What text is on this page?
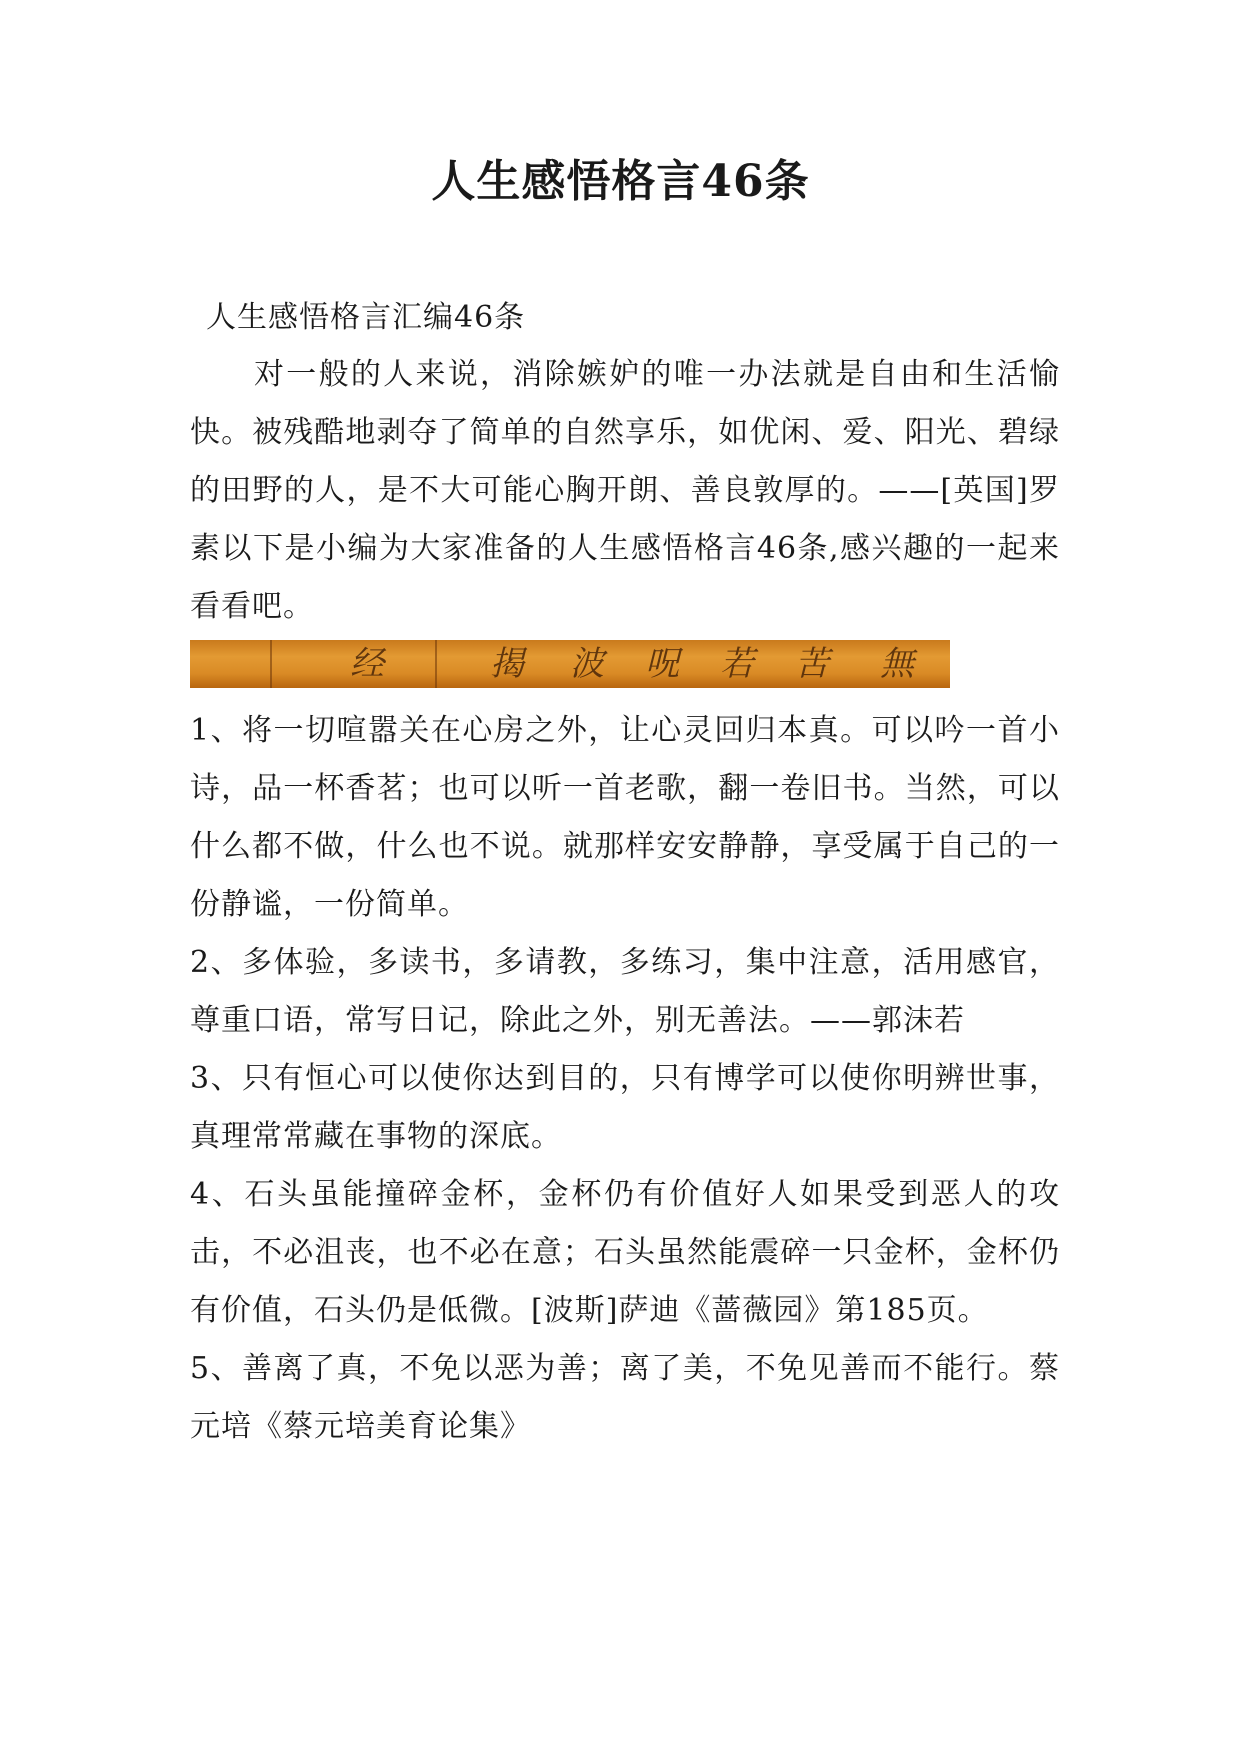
人生感悟格言46条
人生感悟格言汇编46条
对一般的人来说，消除嫉妒的唯一办法就是自由和生活愉快。被残酷地剥夺了简单的自然享乐，如优闲、爱、阳光、碧绿的田野的人，是不大可能心胸开朗、善良敦厚的。——[英国]罗素以下是小编为大家准备的人生感悟格言46条,感兴趣的一起来看看吧。
经	揭 波 呪 若 苦 無
1、将一切喧嚣关在心房之外，让心灵回归本真。可以吟一首小诗，品一杯香茗；也可以听一首老歌，翻一卷旧书。当然，可以什么都不做，什么也不说。就那样安安静静，享受属于自己的一份静谧，一份简单。
2、多体验，多读书，多请教，多练习，集中注意，活用感官，尊重口语，常写日记，除此之外，别无善法。——郭沫若
3、只有恒心可以使你达到目的，只有博学可以使你明辨世事，真理常常藏在事物的深底。
4、石头虽能撞碎金杯，金杯仍有价值好人如果受到恶人的攻击，不必沮丧，也不必在意；石头虽然能震碎一只金杯，金杯仍有价值，石头仍是低微。[波斯]萨迪《蔷薇园》第185页。
5、善离了真，不免以恶为善；离了美，不免见善而不能行。蔡元培《蔡元培美育论集》
